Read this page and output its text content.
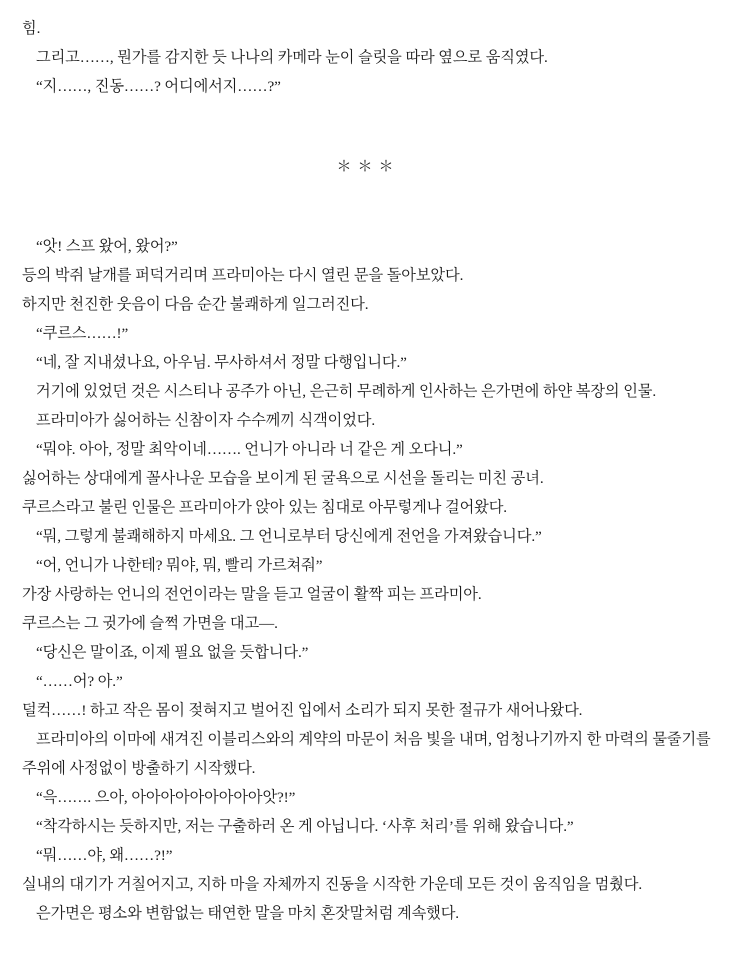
힘.

그리고……, 뭔가를 감지한 듯 나나의 카메라 눈이 슬릿을 따라 옆으로 움직였다.

“지……, 진동……? 어디에서지……?”

＊＊＊

“앗! 스프 왔어, 왔어?”

등의 박쥐 날개를 퍼덕거리며 프라미아는 다시 열린 문을 돌아보았다.

하지만 천진한 웃음이 다음 순간 불쾌하게 일그러진다.

“쿠르스……!”

“네, 잘 지내셨나요, 아우님. 무사하셔서 정말 다행입니다.”

거기에 있었던 것은 시스티나 공주가 아닌, 은근히 무례하게 인사하는 은가면에 하얀 복장의 인물.

프라미아가 싫어하는 신참이자 수수께끼 식객이었다.

“뭐야. 아아, 정말 최악이네……. 언니가 아니라 너 같은 게 오다니.”

싫어하는 상대에게 꼴사나운 모습을 보이게 된 굴욕으로 시선을 돌리는 미친 공녀.

쿠르스라고 불린 인물은 프라미아가 앉아 있는 침대로 아무렇게나 걸어왔다.

“뭐, 그렇게 불쾌해하지 마세요. 그 언니로부터 당신에게 전언을 가져왔습니다.”

“어, 언니가 나한테? 뭐야, 뭐, 빨리 가르쳐줘”

가장 사랑하는 언니의 전언이라는 말을 듣고 얼굴이 활짝 피는 프라미아.

쿠르스는 그 귓가에 슬쩍 가면을 대고—.

“당신은 말이죠, 이제 필요 없을 듯합니다.”

“……어? 아.”

덜컥……! 하고 작은 몸이 젖혀지고 벌어진 입에서 소리가 되지 못한 절규가 새어나왔다.

프라미아의 이마에 새겨진 이블리스와의 계약의 마문이 처음 빛을 내며, 엄청나기까지 한 마력의 물줄기를 주위에 사정없이 방출하기 시작했다.

“윽……. 으아, 아아아아아아아아아앗?!”

“착각하시는 듯하지만, 저는 구출하러 온 게 아닙니다. ‘사후 처리’를 위해 왔습니다.”

“뭐……야, 왜……?!”

실내의 대기가 거칠어지고, 지하 마을 자체까지 진동을 시작한 가운데 모든 것이 움직임을 멈췄다.

은가면은 평소와 변함없는 태연한 말을 마치 혼잣말처럼 계속했다.
